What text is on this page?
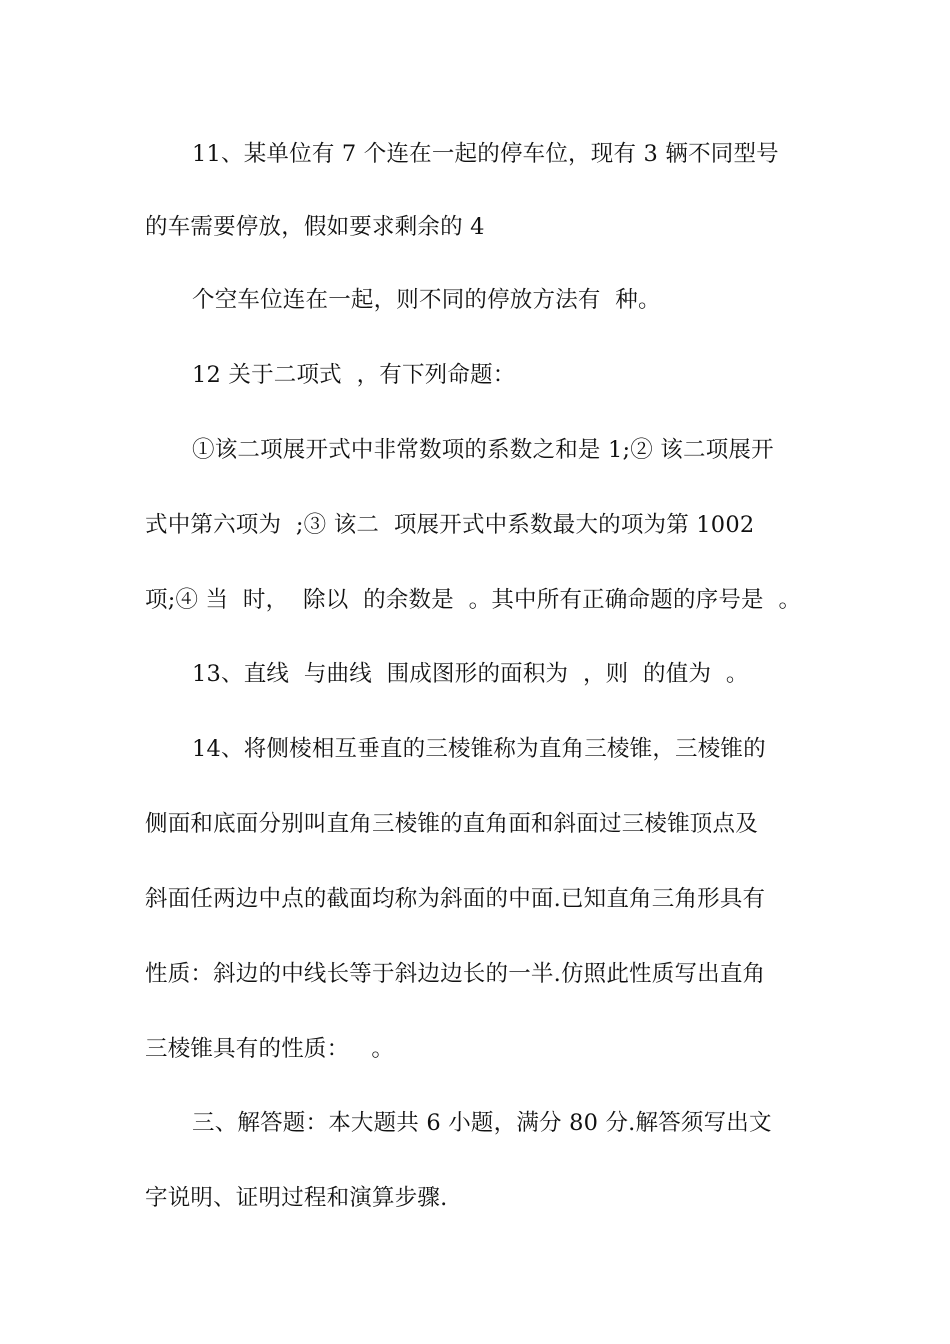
11、某单位有 7 个连在一起的停车位，现有 3 辆不同型号
的车需要停放，假如要求剩余的 4
个空车位连在一起，则不同的停放方法有  种。
12 关于二项式  ，有下列命题：
①该二项展开式中非常数项的系数之和是 1;② 该二项展开
式中第六项为  ;③ 该二  项展开式中系数最大的项为第 1002
项;④ 当  时，  除以  的余数是  。其中所有正确命题的序号是  。
13、直线  与曲线  围成图形的面积为  ，则  的值为  。
14、将侧棱相互垂直的三棱锥称为直角三棱锥，三棱锥的
侧面和底面分别叫直角三棱锥的直角面和斜面过三棱锥顶点及
斜面任两边中点的截面均称为斜面的中面.已知直角三角形具有
性质：斜边的中线长等于斜边边长的一半.仿照此性质写出直角
三棱锥具有的性质：   。
三、解答题：本大题共 6 小题，满分 80 分.解答须写出文
字说明、证明过程和演算步骤.
